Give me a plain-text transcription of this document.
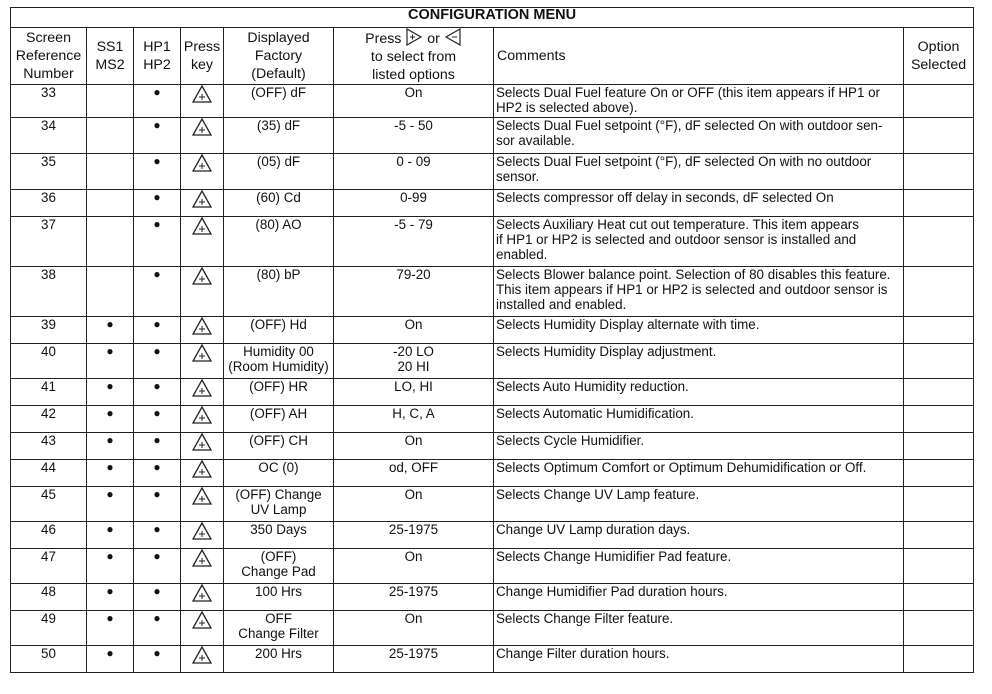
CONFIGURATION MENU							

Screen
Reference
Number	SS1
MS2	HP1
HP2	Press
key	Displayed
Factory
(Default)	Press or
to select from
listed options	Comments	Option
Selected

33		●		(OFF) dF	On	Selects Dual Fuel feature On or OFF (this item appears if HP1 or
HP2 is selected above).	

34		●		(35) dF	-5 - 50	Selects Dual Fuel setpoint (°F), dF selected On with outdoor sen-
sor available.	

35		●		(05) dF	0 - 09	Selects Dual Fuel setpoint (°F), dF selected On with no outdoor
sensor.	

36		●		(60) Cd	0-99	Selects compressor off delay in seconds, dF selected On	

37		●		(80) AO	-5 - 79	Selects Auxiliary Heat cut out temperature. This item appears
if HP1 or HP2 is selected and outdoor sensor is installed and
enabled.	

38		●		(80) bP	79-20	Selects Blower balance point. Selection of 80 disables this feature.
This item appears if HP1 or HP2 is selected and outdoor sensor is
installed and enabled.	

39	●	●		(OFF) Hd	On	Selects Humidity Display alternate with time.	

40	●	●		Humidity 00
(Room Humidity)	-20 LO
20 HI	Selects Humidity Display adjustment.	

41	●	●		(OFF) HR	LO, HI	Selects Auto Humidity reduction.	

42	●	●		(OFF) AH	H, C, A	Selects Automatic Humidification.	

43	●	●		(OFF) CH	On	Selects Cycle Humidifier.	

44	●	●		OC (0)	od, OFF	Selects Optimum Comfort or Optimum Dehumidification or Off.	

45	●	●		(OFF) Change
UV Lamp	On	Selects Change UV Lamp feature.	

46	●	●		350 Days	25-1975	Change UV Lamp duration days.	

47	●	●		(OFF)
Change Pad	On	Selects Change Humidifier Pad feature.	

48	●	●		100 Hrs	25-1975	Change Humidifier Pad duration hours.	

49	●	●		OFF
Change Filter	On	Selects Change Filter feature.	

50	●	●		200 Hrs	25-1975	Change Filter duration hours.	
